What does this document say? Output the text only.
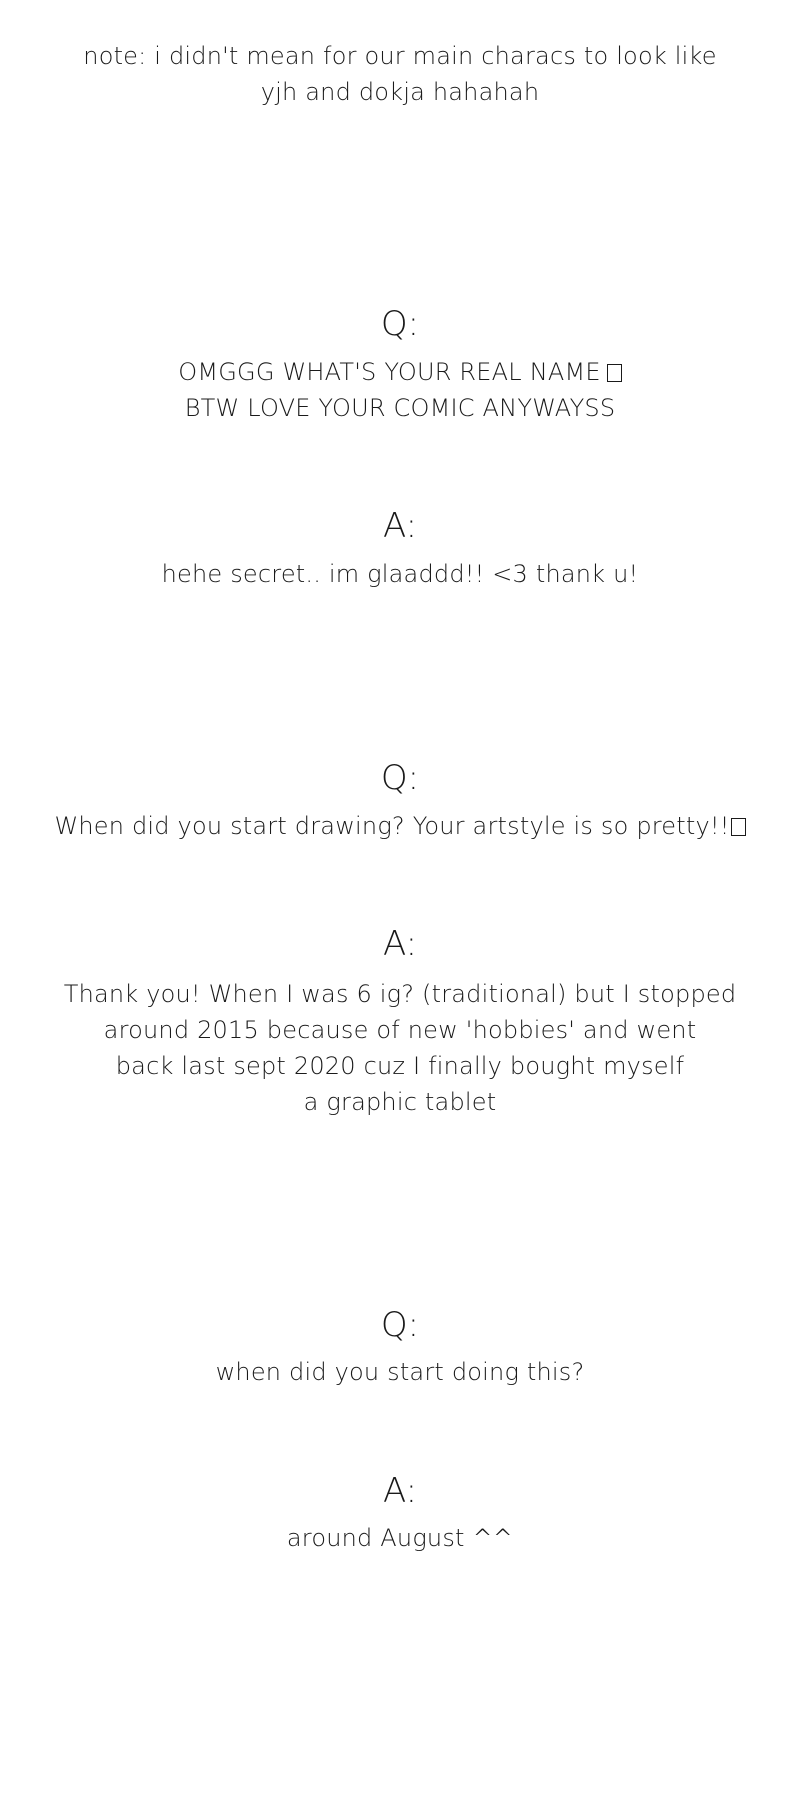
note: i didn't mean for our main characs to look like
yjh and dokja hahahah
Q:
OMGGG WHAT'S YOUR REAL NAME
BTW LOVE YOUR COMIC ANYWAYSS
A:
hehe secret.. im glaaddd!! <3 thank u!
Q:
When did you start drawing? Your artstyle is so pretty!!
A:
Thank you! When I was 6 ig? (traditional) but I stopped
around 2015 because of new 'hobbies' and went
back last sept 2020 cuz I finally bought myself
a graphic tablet
Q:
when did you start doing this?
A:
around August ^^
